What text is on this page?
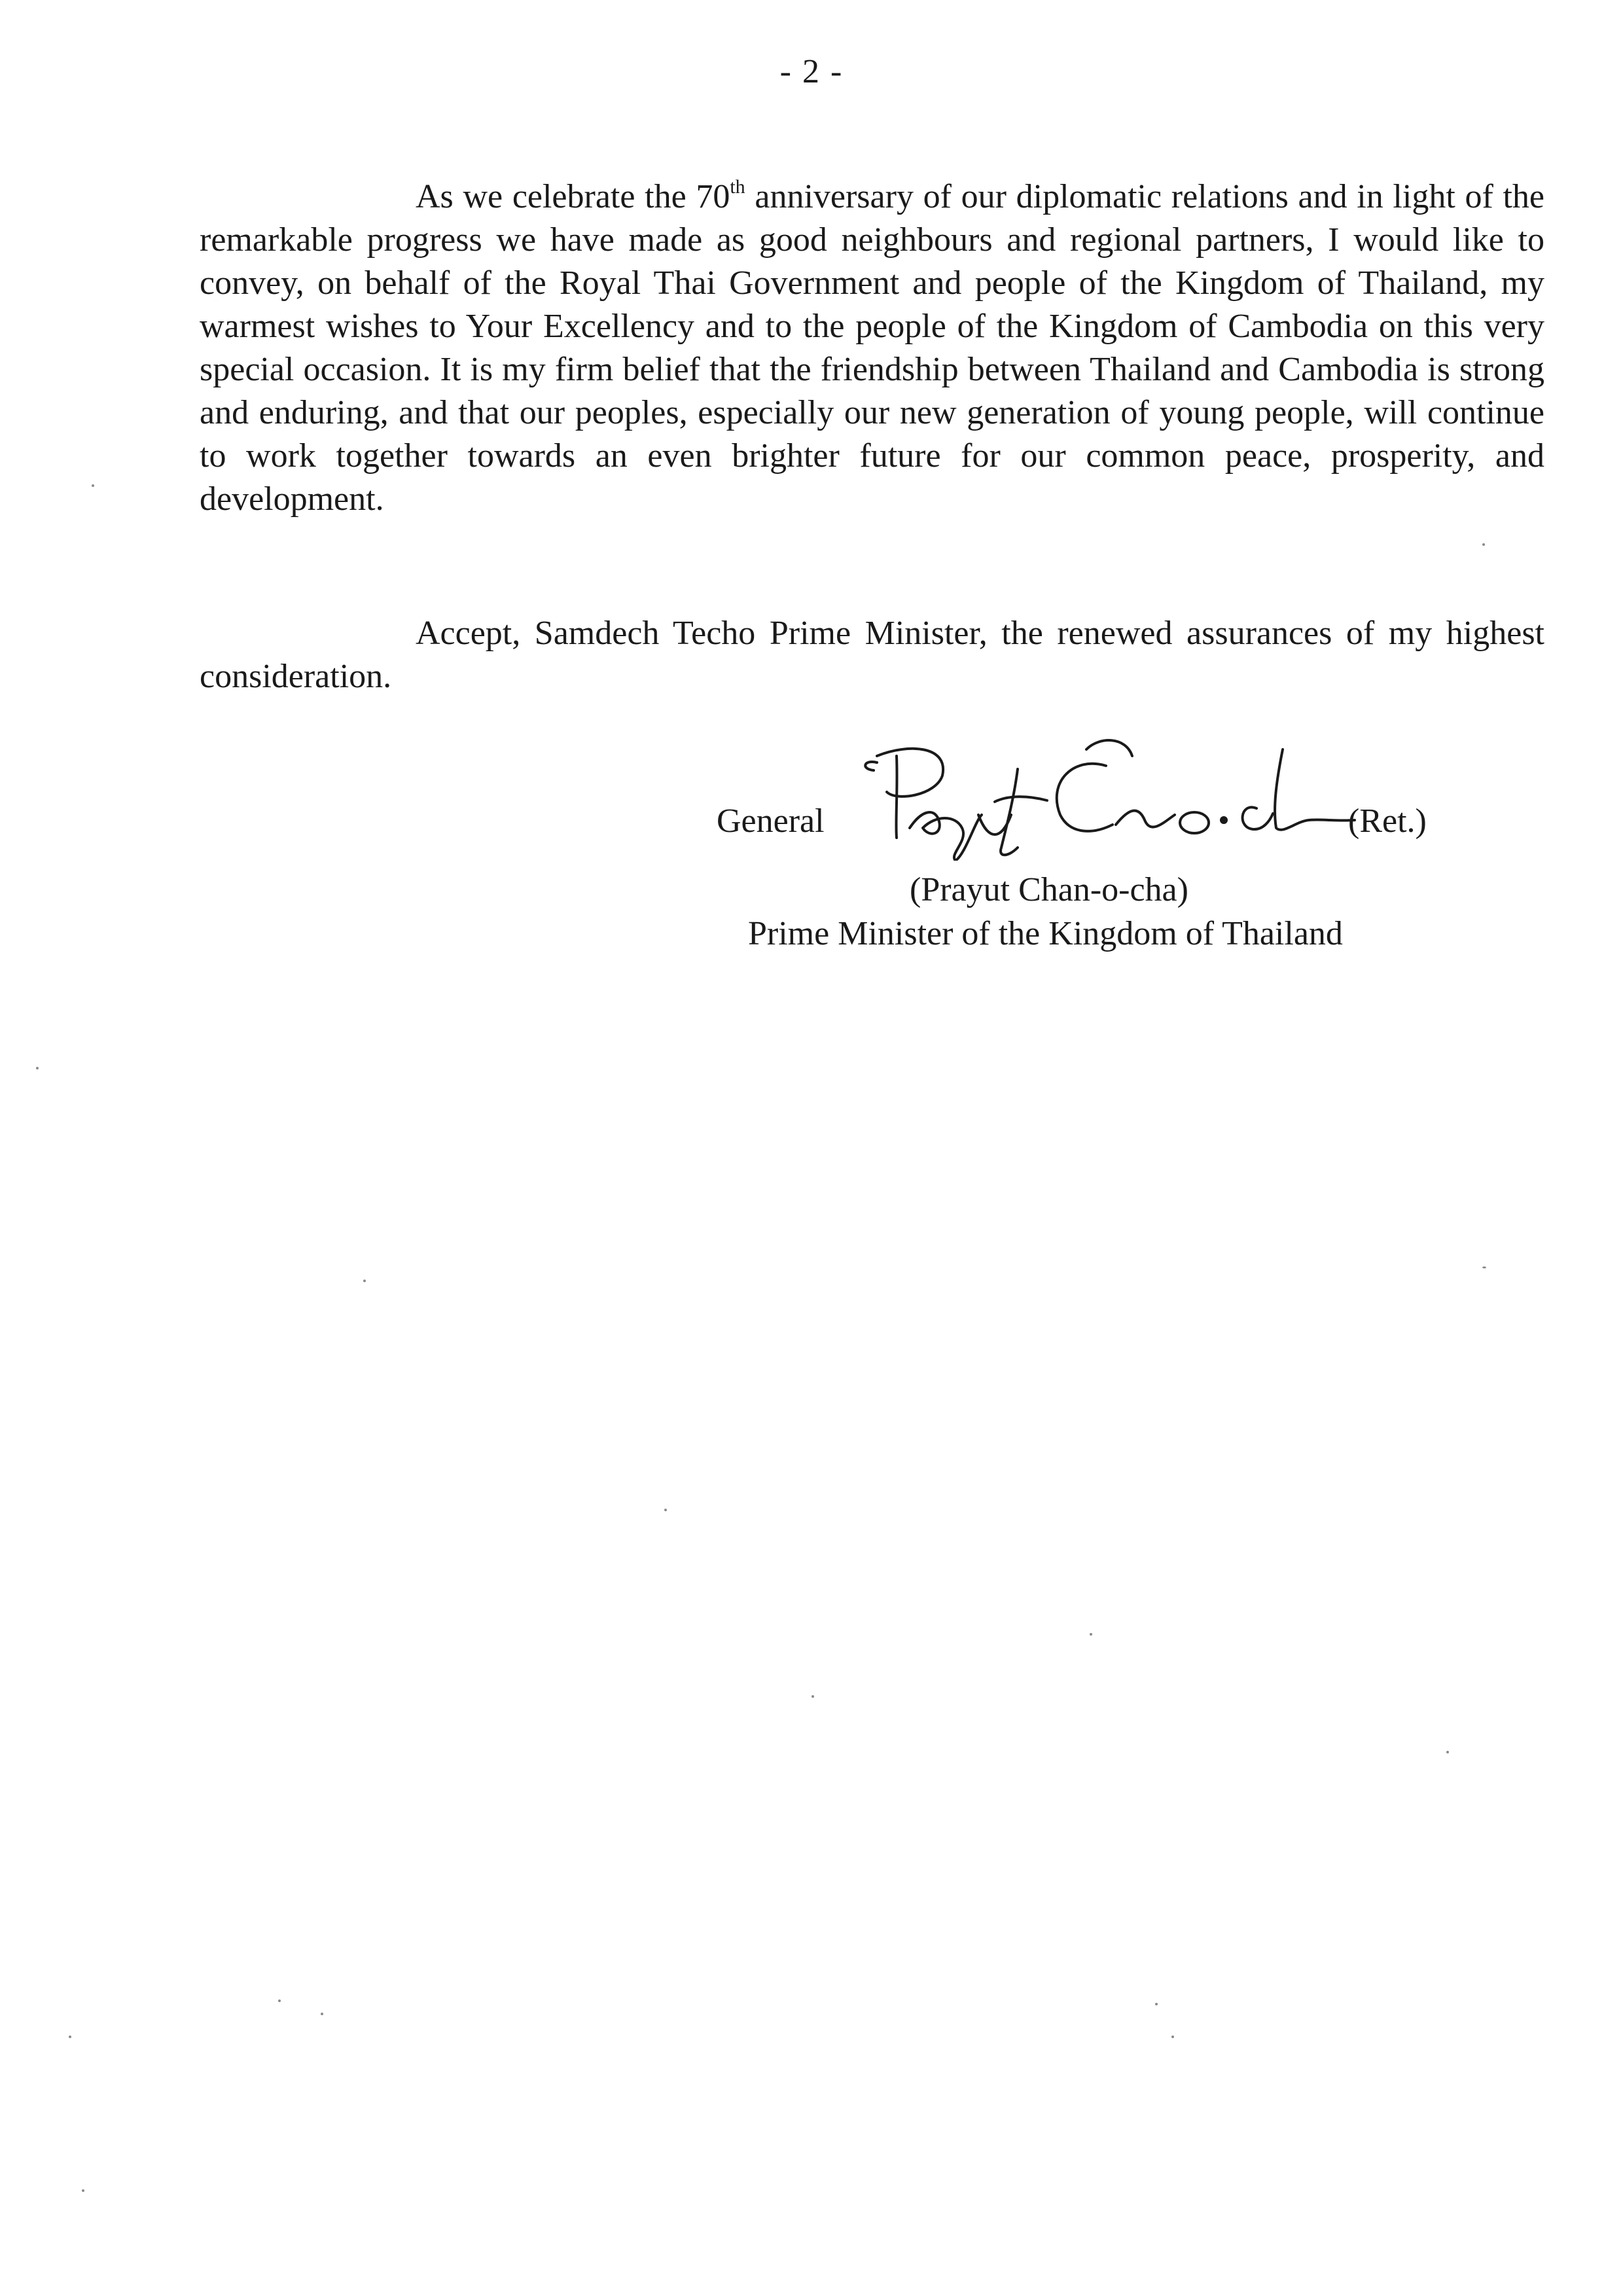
- 2 -

As we celebrate the 70th anniversary of our diplomatic relations and in light of the remarkable progress we have made as good neighbours and regional partners, I would like to convey, on behalf of the Royal Thai Government and people of the Kingdom of Thailand, my warmest wishes to Your Excellency and to the people of the Kingdom of Cambodia on this very special occasion. It is my firm belief that the friendship between Thailand and Cambodia is strong and enduring, and that our peoples, especially our new generation of young people, will continue to work together towards an even brighter future for our common peace, prosperity, and development.

Accept, Samdech Techo Prime Minister, the renewed assurances of my highest consideration.

General	(Ret.)
(Prayut Chan-o-cha)
Prime Minister of the Kingdom of Thailand
